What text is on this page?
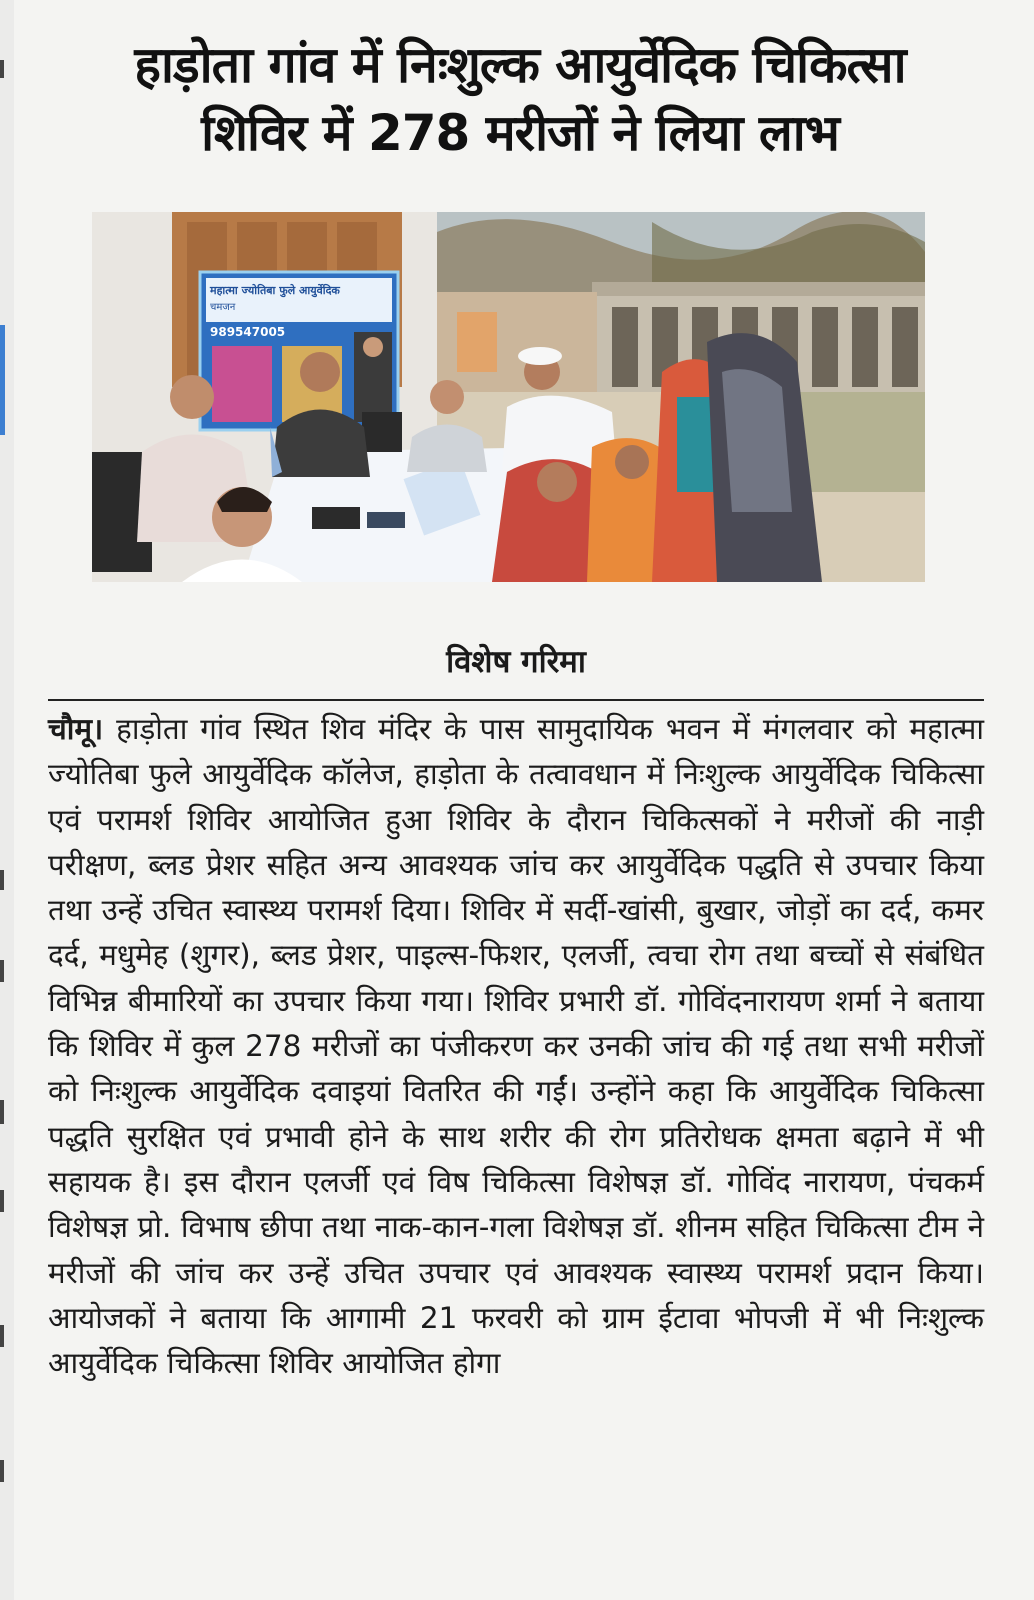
हाड़ोता गांव में निःशुल्क आयुर्वेदिक चिकित्सा
शिविर में 278 मरीजों ने लिया लाभ
महात्मा ज्योतिबा फुले आयुर्वेदिक
चमजन
989547005
विशेष गरिमा
चौमू। हाड़ोता गांव स्थित शिव मंदिर के पास सामुदायिक भवन में मंगलवार को महात्मा ज्योतिबा फुले आयुर्वेदिक कॉलेज, हाड़ोता के तत्वावधान में निःशुल्क आयुर्वेदिक चिकित्सा एवं परामर्श शिविर आयोजित हुआ शिविर के दौरान चिकित्सकों ने मरीजों की नाड़ी परीक्षण, ब्लड प्रेशर सहित अन्य आवश्यक जांच कर आयुर्वेदिक पद्धति से उपचार किया तथा उन्हें उचित स्वास्थ्य परामर्श दिया। शिविर में सर्दी-खांसी, बुखार, जोड़ों का दर्द, कमर दर्द, मधुमेह (शुगर), ब्लड प्रेशर, पाइल्स-फिशर, एलर्जी, त्वचा रोग तथा बच्चों से संबंधित विभिन्न बीमारियों का उपचार किया गया। शिविर प्रभारी डॉ. गोविंदनारायण शर्मा ने बताया कि शिविर में कुल 278 मरीजों का पंजीकरण कर उनकी जांच की गई तथा सभी मरीजों को निःशुल्क आयुर्वेदिक दवाइयां वितरित की गईं। उन्होंने कहा कि आयुर्वेदिक चिकित्सा पद्धति सुरक्षित एवं प्रभावी होने के साथ शरीर की रोग प्रतिरोधक क्षमता बढ़ाने में भी सहायक है। इस दौरान एलर्जी एवं विष चिकित्सा विशेषज्ञ डॉ. गोविंद नारायण, पंचकर्म विशेषज्ञ प्रो. विभाष छीपा तथा नाक-कान-गला विशेषज्ञ डॉ. शीनम सहित चिकित्सा टीम ने मरीजों की जांच कर उन्हें उचित उपचार एवं आवश्यक स्वास्थ्य परामर्श प्रदान किया। आयोजकों ने बताया कि आगामी 21 फरवरी को ग्राम ईटावा भोपजी में भी निःशुल्क आयुर्वेदिक चिकित्सा शिविर आयोजित होगा
